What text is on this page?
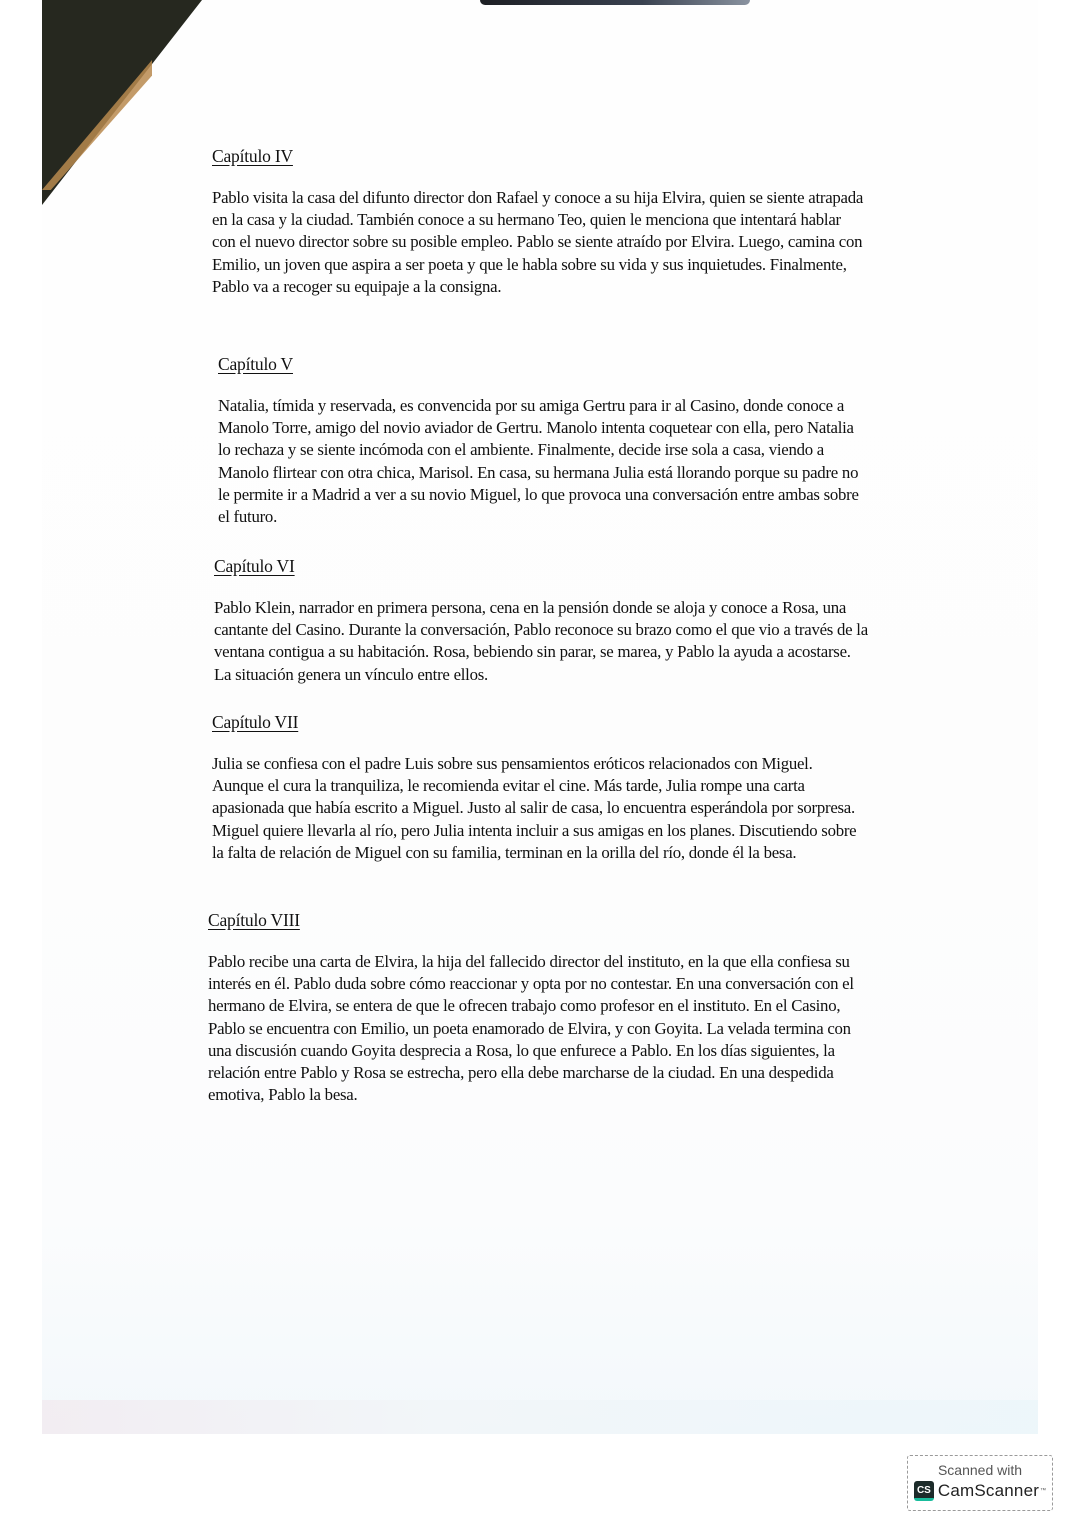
Capítulo IV

Pablo visita la casa del difunto director don Rafael y conoce a su hija Elvira, quien se siente atrapada en la casa y la ciudad. También conoce a su hermano Teo, quien le menciona que intentará hablar con el nuevo director sobre su posible empleo. Pablo se siente atraído por Elvira. Luego, camina con Emilio, un joven que aspira a ser poeta y que le habla sobre su vida y sus inquietudes. Finalmente, Pablo va a recoger su equipaje a la consigna.

Capítulo V

Natalia, tímida y reservada, es convencida por su amiga Gertru para ir al Casino, donde conoce a Manolo Torre, amigo del novio aviador de Gertru. Manolo intenta coquetear con ella, pero Natalia lo rechaza y se siente incómoda con el ambiente. Finalmente, decide irse sola a casa, viendo a Manolo flirtear con otra chica, Marisol. En casa, su hermana Julia está llorando porque su padre no le permite ir a Madrid a ver a su novio Miguel, lo que provoca una conversación entre ambas sobre el futuro.

Capítulo VI

Pablo Klein, narrador en primera persona, cena en la pensión donde se aloja y conoce a Rosa, una cantante del Casino. Durante la conversación, Pablo reconoce su brazo como el que vio a través de la ventana contigua a su habitación. Rosa, bebiendo sin parar, se marea, y Pablo la ayuda a acostarse. La situación genera un vínculo entre ellos.

Capítulo VII

Julia se confiesa con el padre Luis sobre sus pensamientos eróticos relacionados con Miguel. Aunque el cura la tranquiliza, le recomienda evitar el cine. Más tarde, Julia rompe una carta apasionada que había escrito a Miguel. Justo al salir de casa, lo encuentra esperándola por sorpresa. Miguel quiere llevarla al río, pero Julia intenta incluir a sus amigas en los planes. Discutiendo sobre la falta de relación de Miguel con su familia, terminan en la orilla del río, donde él la besa.

Capítulo VIII

Pablo recibe una carta de Elvira, la hija del fallecido director del instituto, en la que ella confiesa su interés en él. Pablo duda sobre cómo reaccionar y opta por no contestar. En una conversación con el hermano de Elvira, se entera de que le ofrecen trabajo como profesor en el instituto. En el Casino, Pablo se encuentra con Emilio, un poeta enamorado de Elvira, y con Goyita. La velada termina con una discusión cuando Goyita desprecia a Rosa, lo que enfurece a Pablo. En los días siguientes, la relación entre Pablo y Rosa se estrecha, pero ella debe marcharse de la ciudad. En una despedida emotiva, Pablo la besa.

Scanned with
CS CamScanner ™
